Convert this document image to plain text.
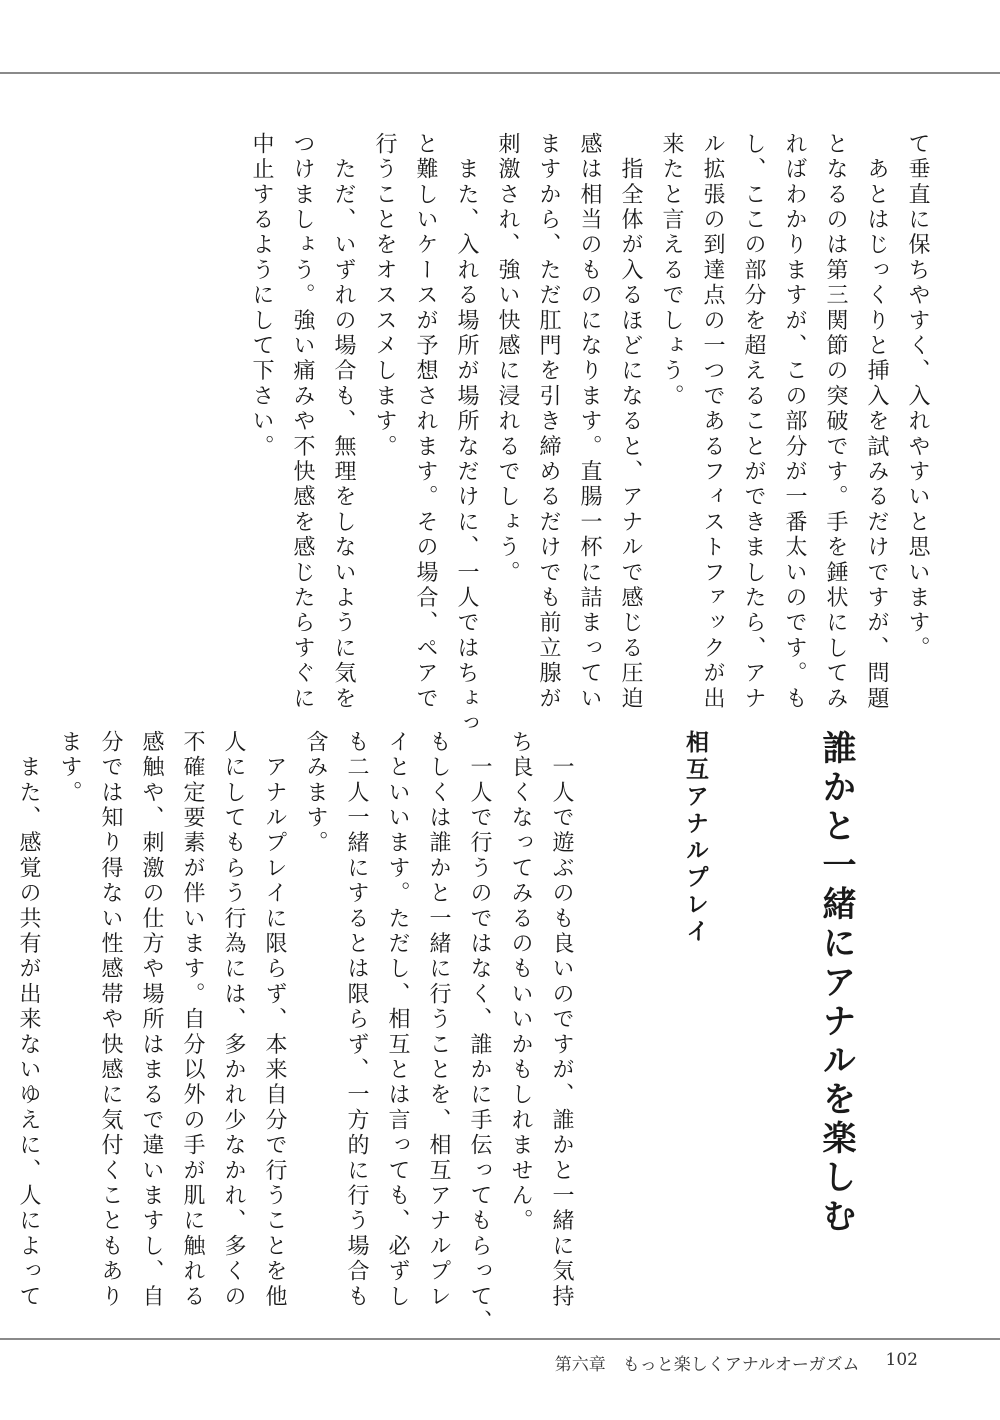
て垂直に保ちやすく、入れやすいと思います。
　あとはじっくりと挿入を試みるだけですが、問題
となるのは第三関節の突破です。手を錘状にしてみ
ればわかりますが、この部分が一番太いのです。も
し、ここの部分を超えることができましたら、アナ
ル拡張の到達点の一つであるフィストファックが出
来たと言えるでしょう。
　指全体が入るほどになると、アナルで感じる圧迫
感は相当のものになります。直腸一杯に詰まってい
ますから、ただ肛門を引き締めるだけでも前立腺が
刺激され、強い快感に浸れるでしょう。
　また、入れる場所が場所なだけに、一人ではちょっ
と難しいケースが予想されます。その場合、ペアで
行うことをオススメします。
　ただ、いずれの場合も、無理をしないように気を
つけましょう。強い痛みや不快感を感じたらすぐに
中止するようにして下さい。

誰かと一緒にアナルを楽しむ

相互アナルプレイ

　一人で遊ぶのも良いのですが、誰かと一緒に気持
ち良くなってみるのもいいかもしれません。
　一人で行うのではなく、誰かに手伝ってもらって、
もしくは誰かと一緒に行うことを、相互アナルプレ
イといいます。ただし、相互とは言っても、必ずし
も二人一緒にするとは限らず、一方的に行う場合も
含みます。
　アナルプレイに限らず、本来自分で行うことを他
人にしてもらう行為には、多かれ少なかれ、多くの
不確定要素が伴います。自分以外の手が肌に触れる
感触や、刺激の仕方や場所はまるで違いますし、自
分では知り得ない性感帯や快感に気付くこともあり
ます。
　また、感覚の共有が出来ないゆえに、人によって

第六章　もっと楽しくアナルオーガズム 102
